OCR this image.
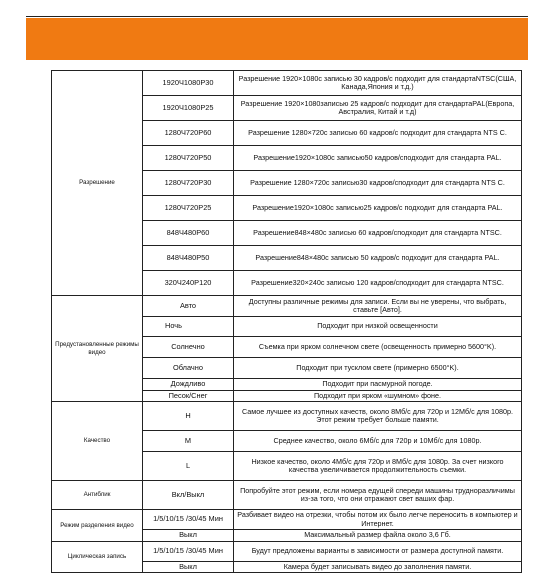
Разрешение	1920Ч1080P30	Разрешение 1920×1080с записью 30 кадров/с подходит для стандартаNTSC(США, Канада,Япония и т.д.)
	1920Ч1080P25	Разрешение 1920×1080записью 25 кадров/с подходит для стандартаPAL(Европа, Австралия, Китай и т.д)
	1280Ч720P60	Разрешение 1280×720с записью 60 кадров/с подходит для стандарта NTS C.
	1280Ч720P50	Разрешение1920×1080с записью50 кадров/сподходит для стандарта PAL.
	1280Ч720P30	Разрешение 1280×720с записью30 кадров/сподходит для стандарта NTS C.
	1280Ч720P25	Разрешение1920×1080с записью25 кадров/с подходит для стандарта PAL.
	848Ч480P60	Разрешение848×480с записью 60 кадров/сподходит для стандарта NTSC.
	848Ч480P50	Разрешение848×480с записью 50 кадров/с подходит для стандарта PAL.
	320Ч240P120	Разрешение320×240с записью 120 кадров/сподходит для стандарта NTSC.
Предустановленные режимы видео	Авто	Доступны различные режимы для записи. Если вы не уверены, что выбрать, ставьте [Авто].
	Ночь	Подходит при низкой освещенности
	Солнечно	Съемка при ярком солнечном свете (освещенность примерно 5600°K).
	Облачно	Подходит при тусклом свете (примерно 6500°K).
	Дождливо	Подходит при пасмурной погоде.
	Песок/Снег	Подходит при ярком «шумном» фоне.
Качество	H	Самое лучшее из доступных качеств, около 8Мб/с для 720р и 12Мб/с для 1080р. Этот режим требует больше памяти.
	M	Среднее качество, около 6Мб/с для 720р и 10Мб/с для 1080р.
	L	Низкое качество, около 4Мб/с для 720р и 8Мб/с для 1080р. За счет низкого качества увеличивается продолжительность съемки.
Антиблик	Вкл/Выкл	Попробуйте этот режим, если номера едущей спереди машины трудноразличимы из-за того, что они отражают свет ваших фар.
Режим разделения видео	1/5/10/15 /30/45 Мин	Разбивает видео на отрезки, чтобы потом их было легче переносить в компьютер и Интернет.
	Выкл	Максимальный размер файла около 3,6 Гб.
Циклическая запись	1/5/10/15 /30/45 Мин	Будут предложены варианты в зависимости от размера доступной памяти.
	Выкл	Камера будет записывать видео до заполнения памяти.
